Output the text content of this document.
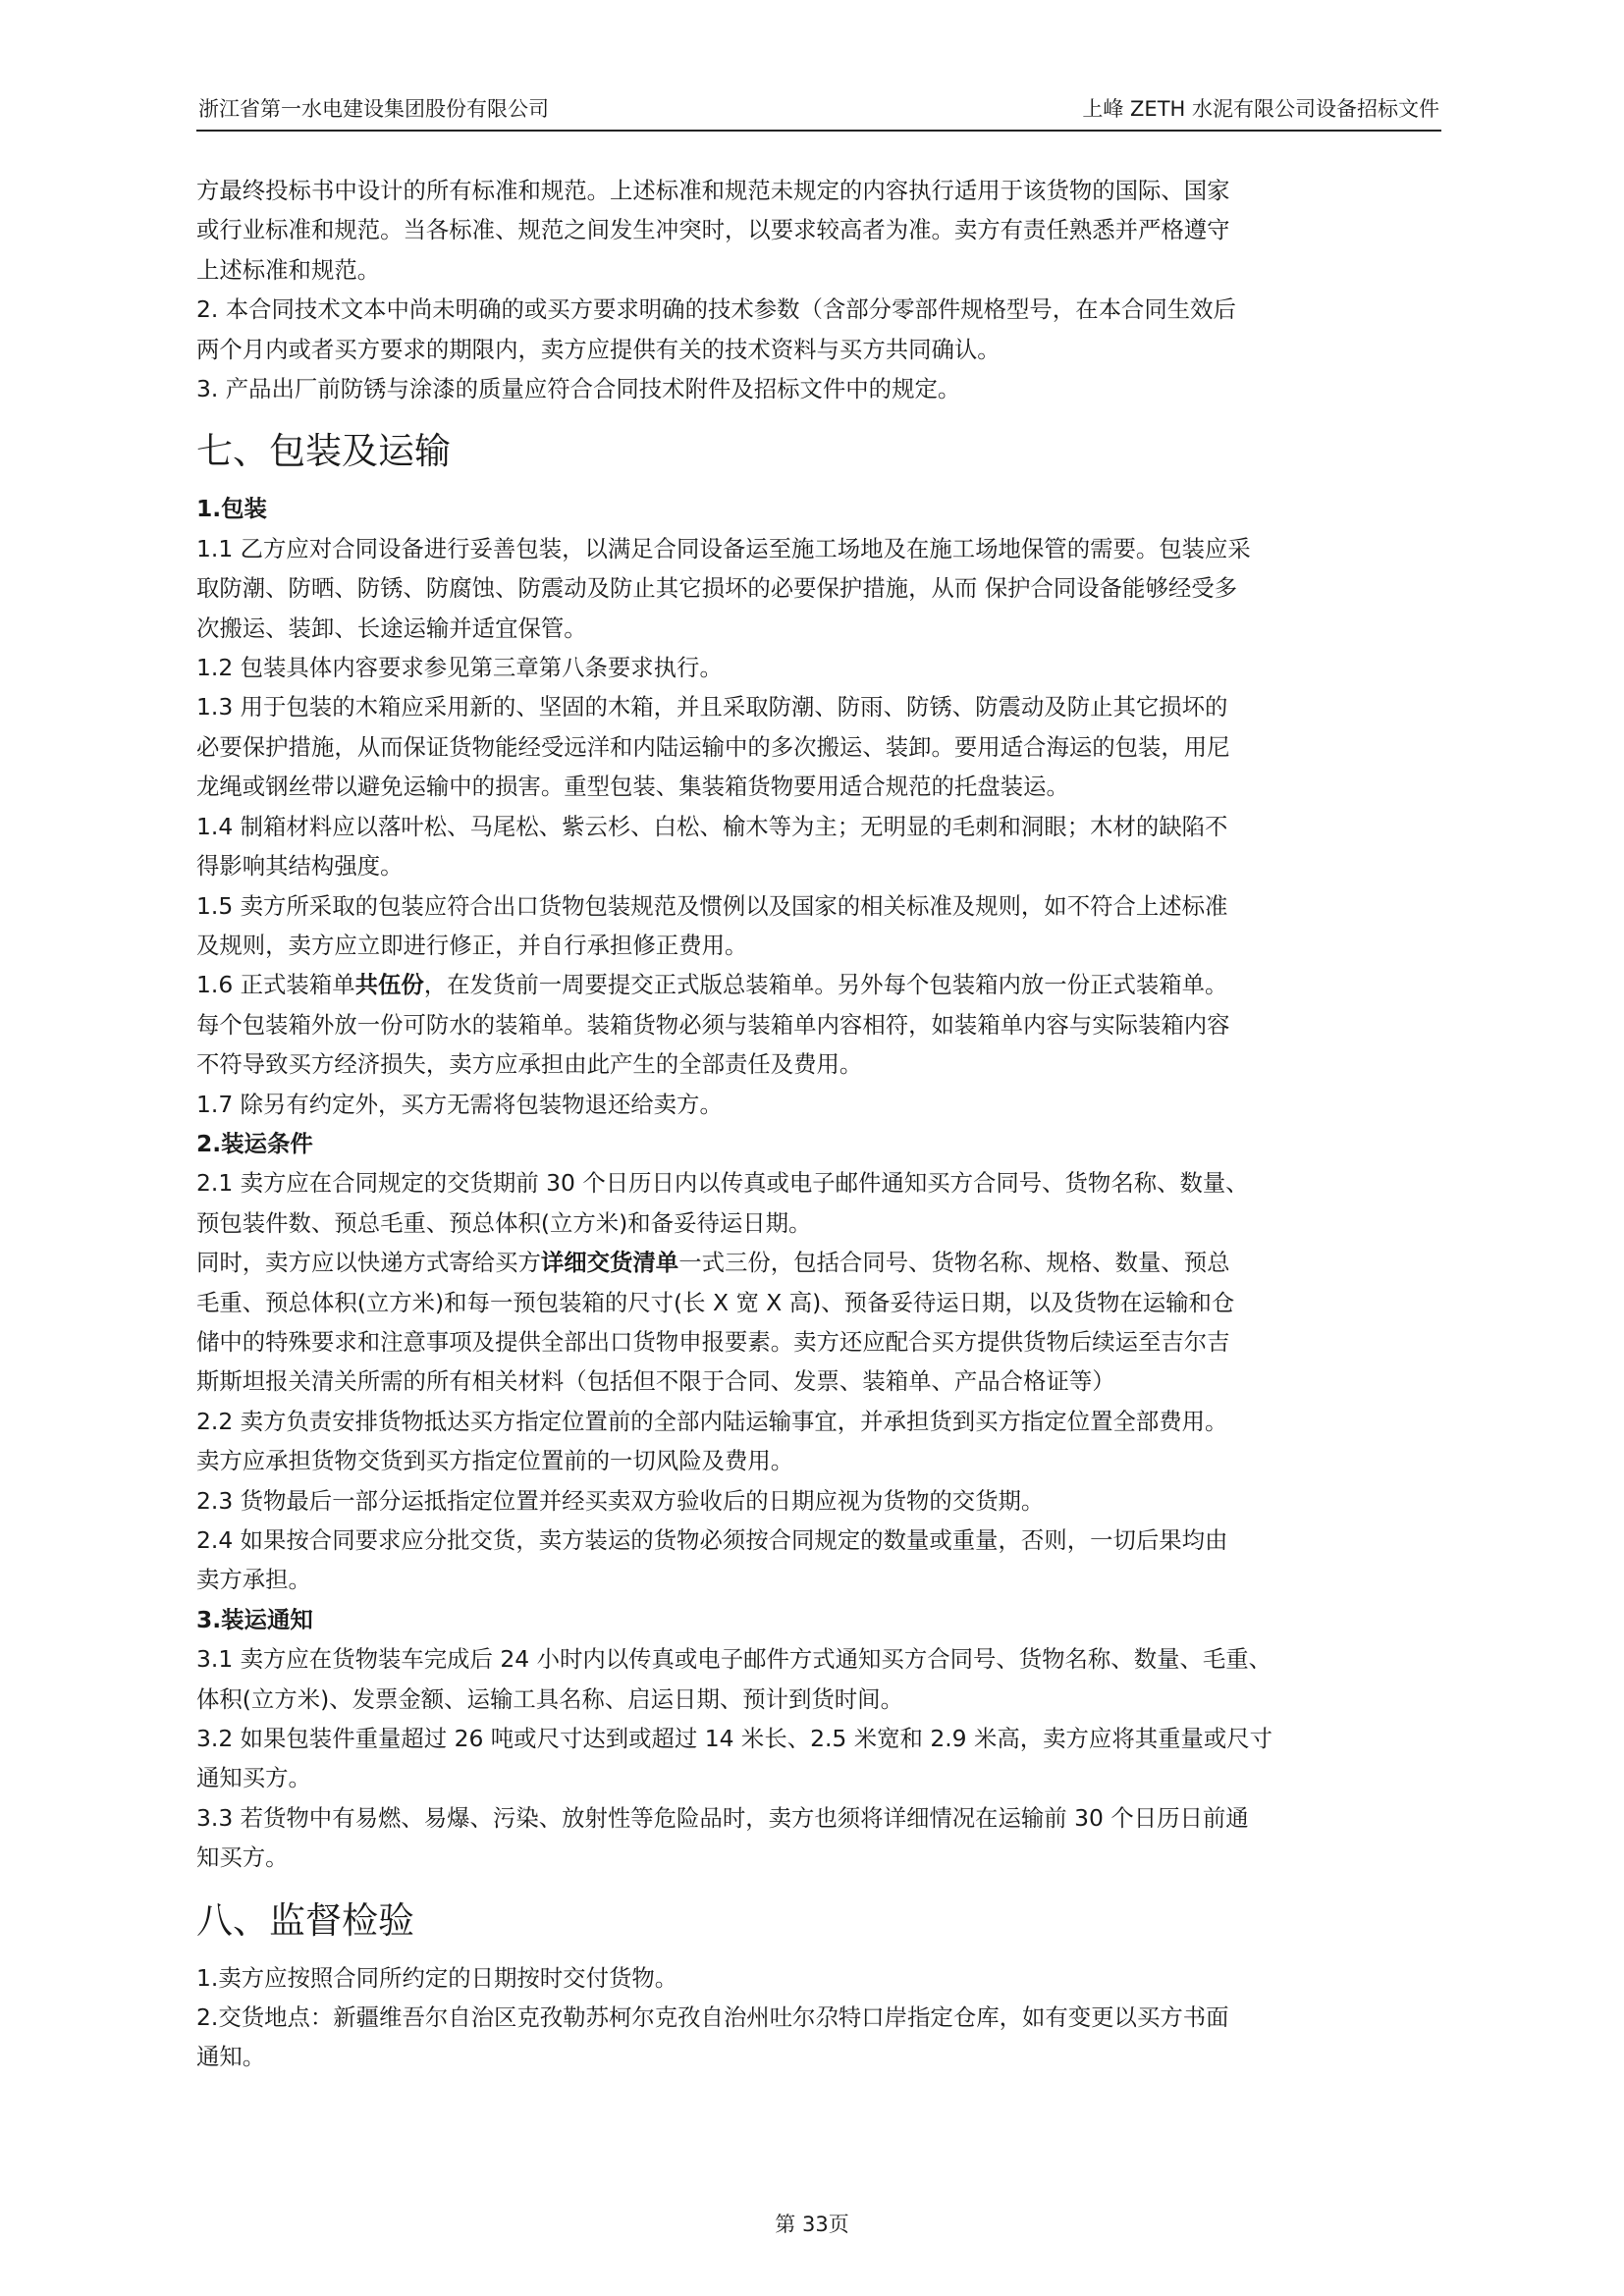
浙江省第一水电建设集团股份有限公司	上峰 ZETH 水泥有限公司设备招标文件

方最终投标书中设计的所有标准和规范。上述标准和规范未规定的内容执行适用于该货物的国际、国家

或行业标准和规范。当各标准、规范之间发生冲突时，以要求较高者为准。卖方有责任熟悉并严格遵守

上述标准和规范。

2. 本合同技术文本中尚未明确的或买方要求明确的技术参数（含部分零部件规格型号，在本合同生效后

两个月内或者买方要求的期限内，卖方应提供有关的技术资料与买方共同确认。

3. 产品出厂前防锈与涂漆的质量应符合合同技术附件及招标文件中的规定。

七、包装及运输

1.包装

1.1 乙方应对合同设备进行妥善包装，以满足合同设备运至施工场地及在施工场地保管的需要。包装应采

取防潮、防晒、防锈、防腐蚀、防震动及防止其它损坏的必要保护措施，从而 保护合同设备能够经受多

次搬运、装卸、长途运输并适宜保管。

1.2 包装具体内容要求参见第三章第八条要求执行。

1.3 用于包装的木箱应采用新的、坚固的木箱，并且采取防潮、防雨、防锈、防震动及防止其它损坏的

必要保护措施，从而保证货物能经受远洋和内陆运输中的多次搬运、装卸。要用适合海运的包装，用尼

龙绳或钢丝带以避免运输中的损害。重型包装、集装箱货物要用适合规范的托盘装运。

1.4 制箱材料应以落叶松、马尾松、紫云杉、白松、榆木等为主；无明显的毛刺和洞眼；木材的缺陷不

得影响其结构强度。

1.5 卖方所采取的包装应符合出口货物包装规范及惯例以及国家的相关标准及规则，如不符合上述标准

及规则，卖方应立即进行修正，并自行承担修正费用。

1.6 正式装箱单共伍份，在发货前一周要提交正式版总装箱单。另外每个包装箱内放一份正式装箱单。

每个包装箱外放一份可防水的装箱单。装箱货物必须与装箱单内容相符，如装箱单内容与实际装箱内容

不符导致买方经济损失，卖方应承担由此产生的全部责任及费用。

1.7 除另有约定外，买方无需将包装物退还给卖方。

2.装运条件

2.1 卖方应在合同规定的交货期前 30 个日历日内以传真或电子邮件通知买方合同号、货物名称、数量、

预包装件数、预总毛重、预总体积(立方米)和备妥待运日期。

同时，卖方应以快递方式寄给买方详细交货清单一式三份，包括合同号、货物名称、规格、数量、预总

毛重、预总体积(立方米)和每一预包装箱的尺寸(长 X 宽 X 高)、预备妥待运日期，以及货物在运输和仓

储中的特殊要求和注意事项及提供全部出口货物申报要素。卖方还应配合买方提供货物后续运至吉尔吉

斯斯坦报关清关所需的所有相关材料（包括但不限于合同、发票、装箱单、产品合格证等）

2.2 卖方负责安排货物抵达买方指定位置前的全部内陆运输事宜，并承担货到买方指定位置全部费用。

卖方应承担货物交货到买方指定位置前的一切风险及费用。

2.3 货物最后一部分运抵指定位置并经买卖双方验收后的日期应视为货物的交货期。

2.4 如果按合同要求应分批交货，卖方装运的货物必须按合同规定的数量或重量，否则，一切后果均由

卖方承担。

3.装运通知

3.1 卖方应在货物装车完成后 24 小时内以传真或电子邮件方式通知买方合同号、货物名称、数量、毛重、

体积(立方米)、发票金额、运输工具名称、启运日期、预计到货时间。

3.2 如果包装件重量超过 26 吨或尺寸达到或超过 14 米长、2.5 米宽和 2.9 米高，卖方应将其重量或尺寸

通知买方。

3.3 若货物中有易燃、易爆、污染、放射性等危险品时，卖方也须将详细情况在运输前 30 个日历日前通

知买方。

八、监督检验

1.卖方应按照合同所约定的日期按时交付货物。

2.交货地点：新疆维吾尔自治区克孜勒苏柯尔克孜自治州吐尔尕特口岸指定仓库，如有变更以买方书面

通知。

第 33页
